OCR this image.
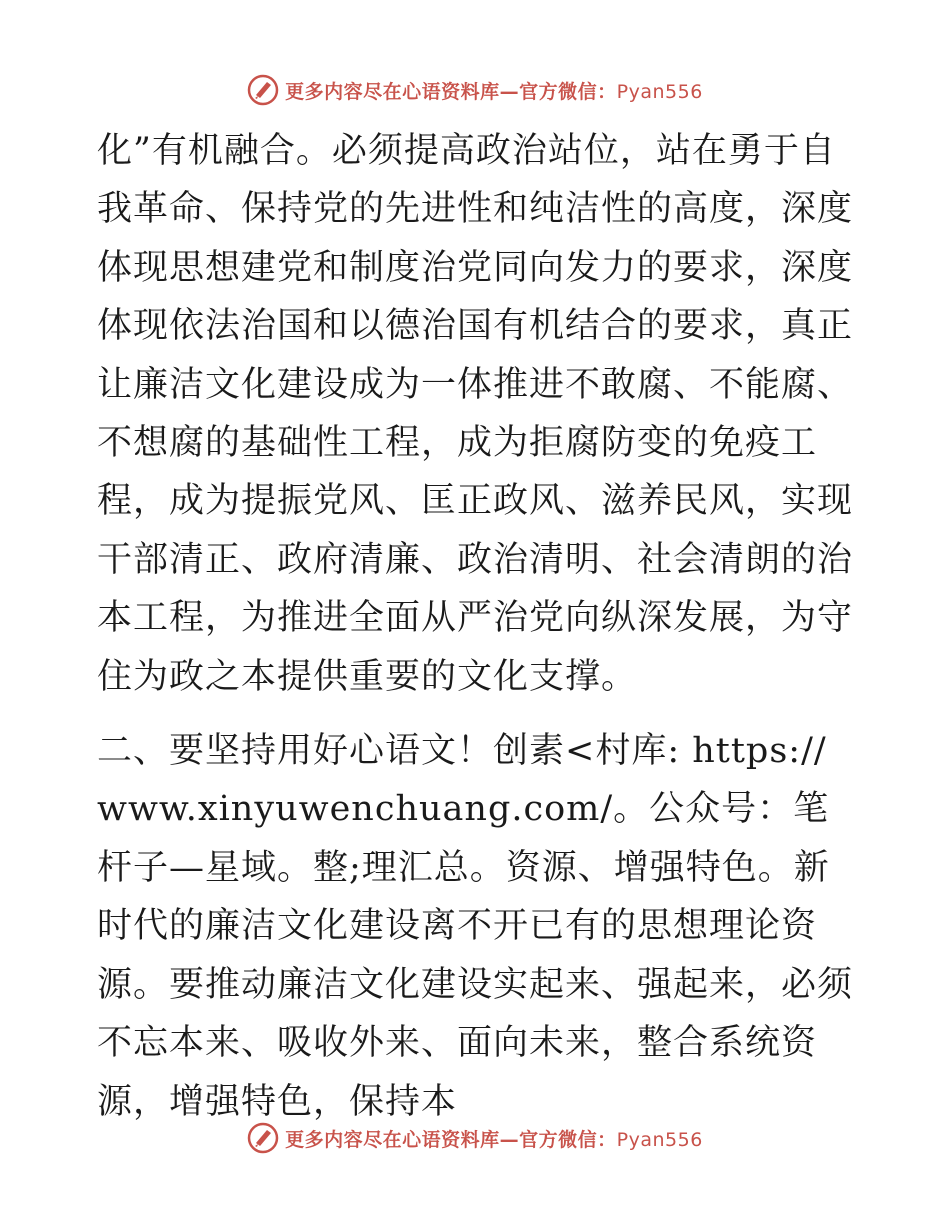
更多内容尽在心语资料库—官方微信：Pyan556

化”有机融合。必须提高政治站位，站在勇于自我革命、保持党的先进性和纯洁性的高度，深度体现思想建党和制度治党同向发力的要求，深度体现依法治国和以德治国有机结合的要求，真正让廉洁文化建设成为一体推进不敢腐、不能腐、不想腐的基础性工程，成为拒腐防变的免疫工程，成为提振党风、匡正政风、滋养民风，实现干部清正、政府清廉、政治清明、社会清朗的治本工程，为推进全面从严治党向纵深发展，为守住为政之本提供重要的文化支撑。

二、要坚持用好心语文！创素<村库: https://www.xinyuwenchuang.com/。公众号：笔杆子—星域。整;理汇总。资源、增强特色。新时代的廉洁文化建设离不开已有的思想理论资源。要推动廉洁文化建设实起来、强起来，必须不忘本来、吸收外来、面向未来，整合系统资源，增强特色，保持本

更多内容尽在心语资料库—官方微信：Pyan556
